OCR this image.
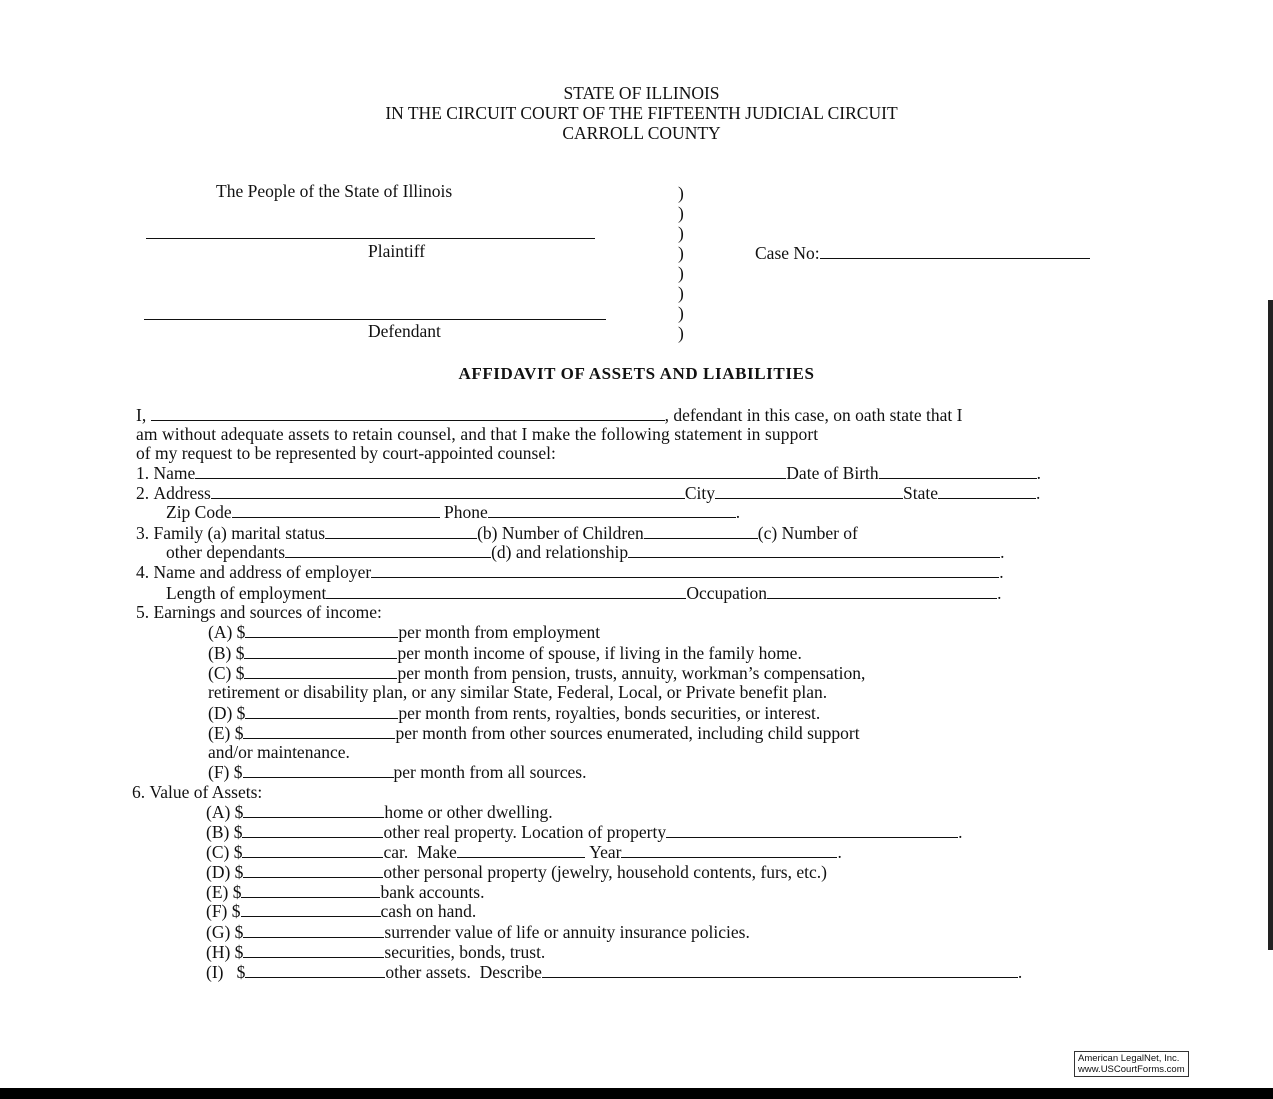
STATE OF ILLINOIS
IN THE CIRCUIT COURT OF THE FIFTEENTH JUDICIAL CIRCUIT
CARROLL COUNTY
The People of the State of Illinois
Plaintiff
Defendant
)
)
)
)
)
)
)
)
Case No:
AFFIDAVIT OF ASSETS AND LIABILITIES
I,	, defendant in this case, on oath state that I
am without adequate assets to retain counsel, and that I make the following statement in support
of my request to be represented by court-appointed counsel:
1. Name	Date of Birth	.
2. Address	City	State	.
Zip Code	Phone	.
3. Family (a) marital status	(b) Number of Children	(c) Number of
other dependants	(d) and relationship	.
4. Name and address of employer	.
Length of employment	Occupation	.
5. Earnings and sources of income:
(A) $	per month from employment
(B) $	per month income of spouse, if living in the family home.
(C) $	per month from pension, trusts, annuity, workman’s compensation,
retirement or disability plan, or any similar State, Federal, Local, or Private benefit plan.
(D) $	per month from rents, royalties, bonds securities, or interest.
(E) $	per month from other sources enumerated, including child support
and/or maintenance.
(F) $	per month from all sources.
6. Value of Assets:
(A) $	home or other dwelling.
(B) $	other real property. Location of property	.
(C) $	car. Make	Year	.
(D) $	other personal property (jewelry, household contents, furs, etc.)
(E) $	bank accounts.
(F) $	cash on hand.
(G) $	surrender value of life or annuity insurance policies.
(H) $	securities, bonds, trust.
(I) $	other assets. Describe	.
American LegalNet, Inc.
www.USCourtForms.com
